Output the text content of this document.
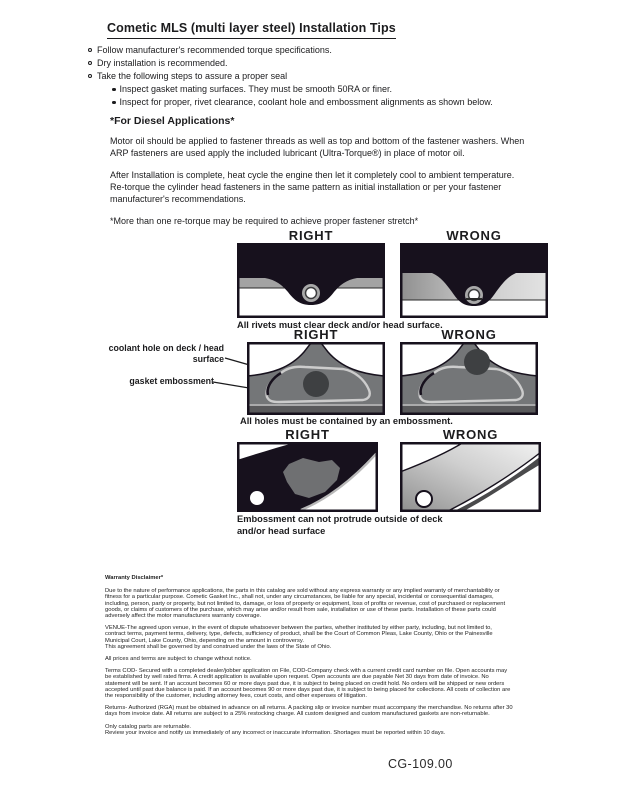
Cometic MLS (multi layer steel) Installation Tips
Follow manufacturer's recommended torque specifications.
Dry installation is recommended.
Take the following steps to assure a proper seal
Inspect gasket mating surfaces. They must be smooth 50RA or finer.
Inspect for proper, rivet clearance, coolant hole and embossment alignments as shown below.
*For Diesel Applications*

Motor oil should be applied to fastener threads as well as top and bottom of the fastener washers. When ARP fasteners are used apply the included lubricant (Ultra-Torque®) in place of motor oil.

After Installation is complete, heat cycle the engine then let it completely cool to ambient temperature. Re-torque the cylinder head fasteners in the same pattern as initial installation or per your fastener manufacturer's recommendations.

*More than one re-torque may be required to achieve proper fastener stretch*

RIGHT	WRONG
All rivets must clear deck and/or head surface.
RIGHT	WRONG
coolant hole on deck / head surface
gasket embossment
All holes must be contained by an embossment.
RIGHT	WRONG
Embossment can not protrude outside of deck and/or head surface
Warranty Disclaimer*
Due to the nature of performance applications, the parts in this catalog are sold without any express warranty or any implied warranty of merchantability or fitness for a particular purpose. Cometic Gasket Inc., shall not, under any circumstances, be liable for any special, incidental or consequential damages, including, person, party or property, but not limited to, damage, or loss of property or equipment, loss of profits or revenue, cost of purchased or replacement goods, or claims of customers of the purchase, which may arise and/or result from sale, installation or use of these parts. Installation of these parts could adversely affect the motor manufacturers warranty coverage.
VENUE-The agreed upon venue, in the event of dispute whatsoever between the parties, whether instituted by either party, including, but not limited to, contract terms, payment terms, delivery, type, defects, sufficiency of product, shall be the Court of Common Pleas, Lake County, Ohio or the Painesville Municipal Court, Lake County, Ohio, depending on the amount in controversy.
This agreement shall be governed by and construed under the laws of the State of Ohio.
All prices and terms are subject to change without notice.
Terms COD- Secured with a completed dealer/jobber application on File, COD-Company check with a current credit card number on file. Open accounts may be established by well rated firms. A credit application is available upon request. Open accounts are due payable Net 30 days from date of invoice. No statement will be sent. If an account becomes 60 or more days past due, it is subject to being placed on credit hold. No orders will be shipped or new orders accepted until past due balance is paid. If an account becomes 90 or more days past due, it is subject to being placed for collections. All costs of collection are the responsibility of the customer, including attorney fees, court costs, and other expenses of litigation.
Returns- Authorized (RGA) must be obtained in advance on all returns. A packing slip or invoice number must accompany the merchandise. No returns after 30 days from invoice date. All returns are subject to a 25% restocking charge. All custom designed and custom manufactured gaskets are non-returnable.
Only catalog parts are returnable.
Review your invoice and notify us immediately of any incorrect or inaccurate information. Shortages must be reported within 10 days.
CG-109.00
